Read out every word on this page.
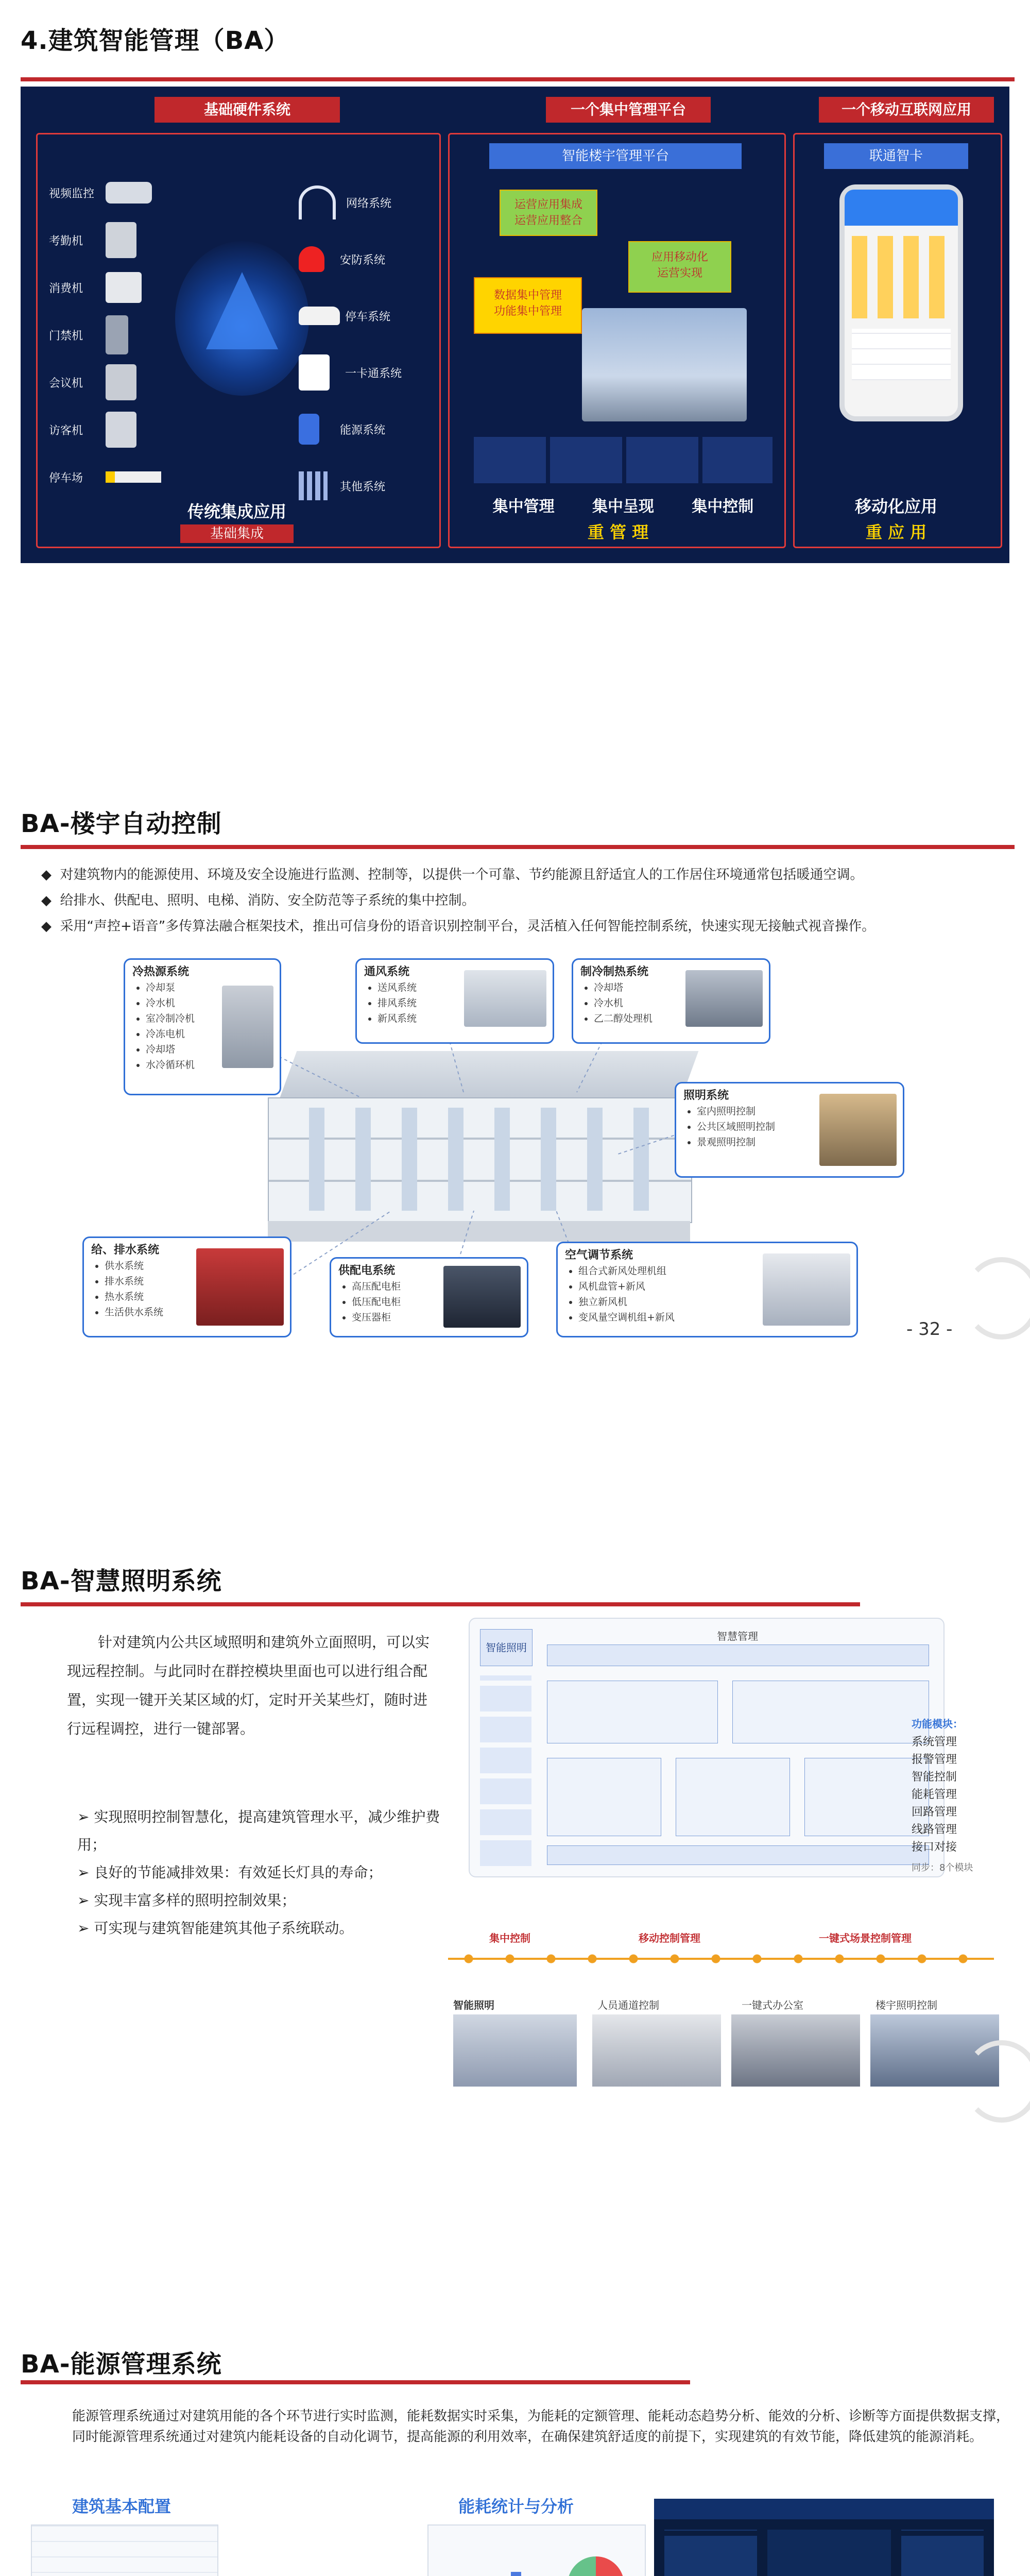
4.建筑智能管理（BA）
基础硬件系统	一个集中管理平台	一个移动互联网应用
视频监控
考勤机
消费机
门禁机
会议机
访客机
停车场
网络系统
安防系统
停车系统
一卡通系统
能源系统
其他系统
传统集成应用
基础集成
智能楼宇管理平台
运营应用集成
运营应用整合
应用移动化
运营实现
数据集中管理
功能集中管理
集中管理 集中呈现 集中控制
重 管 理
联通智卡
移动化应用
重 应 用
BA-楼宇自动控制
◆  对建筑物内的能源使用、环境及安全设施进行监测、控制等，以提供一个可靠、节约能源且舒适宜人的工作居住环境通常包括暖通空调。
◆  给排水、供配电、照明、电梯、消防、安全防范等子系统的集中控制。
◆  采用“声控+语音”多传算法融合框架技术，推出可信身份的语音识别控制平台，灵活植入任何智能控制系统，快速实现无接触式视音操作。
冷热源系统
• 冷却泵
• 冷水机
• 室冷制冷机
• 冷冻电机
• 冷却塔
• 水冷循环机
通风系统
• 送风系统
• 排风系统
• 新风系统
制冷制热系统
• 冷却塔
• 冷水机
• 乙二醇处理机
照明系统
• 室内照明控制
• 公共区域照明控制
• 景观照明控制
给、排水系统
• 供水系统
• 排水系统
• 热水系统
• 生活供水系统
供配电系统
• 高压配电柜
• 低压配电柜
• 变压器柜
空气调节系统
• 组合式新风处理机组
• 风机盘管+新风
• 独立新风机
• 变风量空调机组+新风
- 32 -
BA-智慧照明系统
针对建筑内公共区域照明和建筑外立面照明，可以实现远程控制。与此同时在群控模块里面也可以进行组合配置，实现一键开关某区域的灯，定时开关某些灯，随时进行远程调控，进行一键部署。
➢ 实现照明控制智慧化，提高建筑管理水平，减少维护费用；
➢ 良好的节能减排效果：有效延长灯具的寿命；
➢ 实现丰富多样的照明控制效果；
➢ 可实现与建筑智能建筑其他子系统联动。
智能照明
智慧管理
功能模块：
系统管理
报警管理
智能控制
能耗管理
回路管理
线路管理
接口对接
同步：8个模块
集中控制	移动控制管理	一键式场景控制管理
智能照明	人员通道控制	一键式办公室	楼宇照明控制
BA-能源管理系统
能源管理系统通过对建筑用能的各个环节进行实时监测，能耗数据实时采集，为能耗的定额管理、能耗动态趋势分析、能效的分析、诊断等方面提供数据支撑，同时能源管理系统通过对建筑内能耗设备的自动化调节，提高能源的利用效率，在确保建筑舒适度的前提下，实现建筑的有效节能，降低建筑的能源消耗。
建筑基本配置	能耗统计与分析
